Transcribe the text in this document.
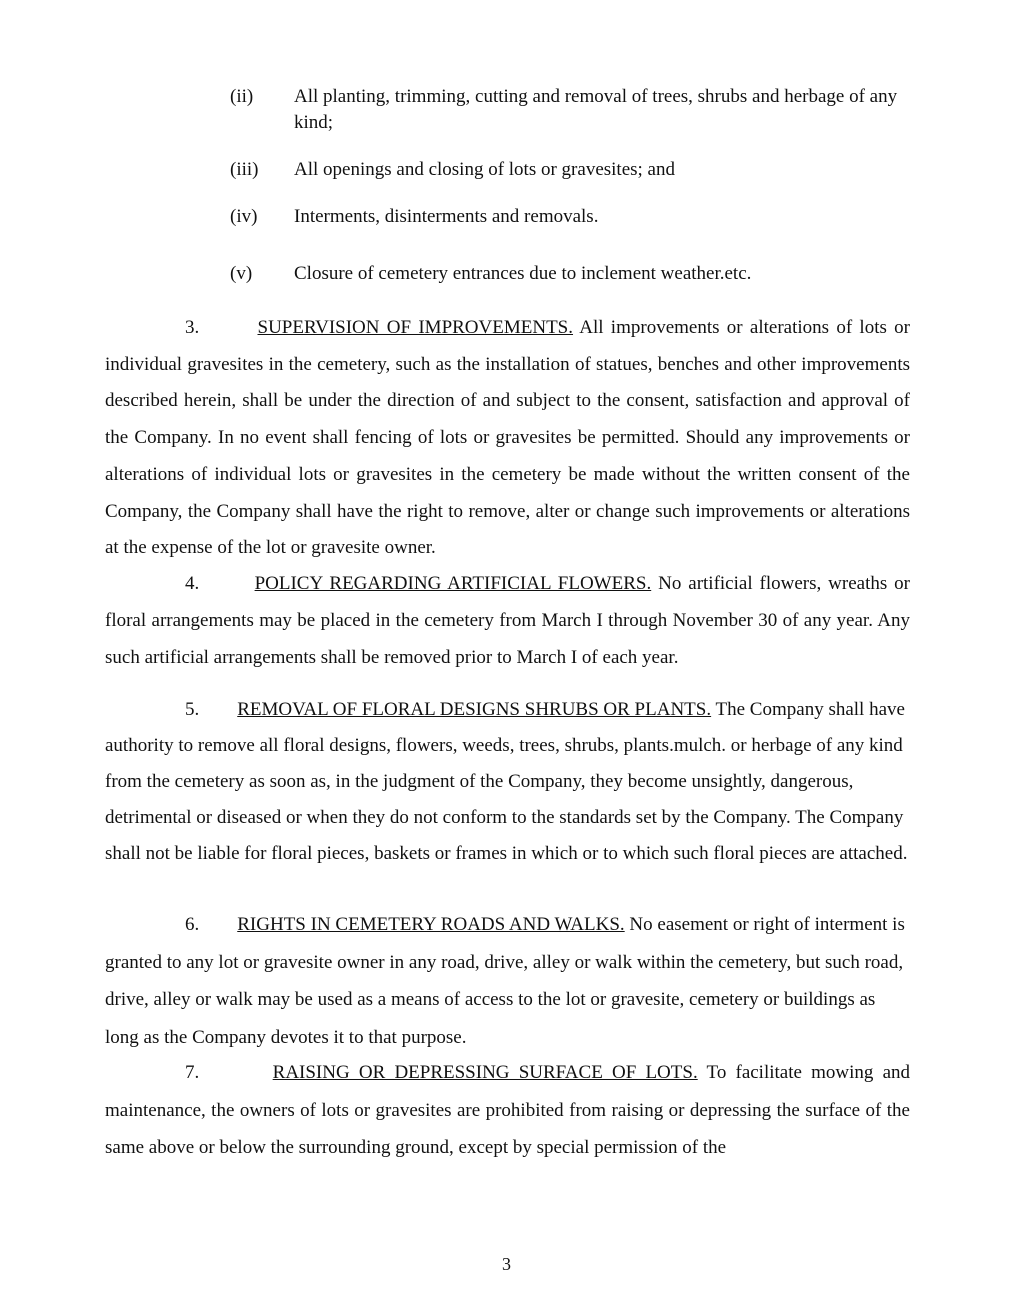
(ii) All planting, trimming, cutting and removal of trees, shrubs and herbage of any kind;
(iii) All openings and closing of lots or gravesites; and
(iv) Interments, disinterments and removals.
(v) Closure of cemetery entrances due to inclement weather.etc.

3.	SUPERVISION OF IMPROVEMENTS. All improvements or alterations of lots or individual gravesites in the cemetery, such as the installation of statues, benches and other improvements described herein, shall be under the direction of and subject to the consent, satisfaction and approval of the Company. In no event shall fencing of lots or gravesites be permitted. Should any improvements or alterations of individual lots or gravesites in the cemetery be made without the written consent of the Company, the Company shall have the right to remove, alter or change such improvements or alterations at the expense of the lot or gravesite owner.

4.	POLICY REGARDING ARTIFICIAL FLOWERS. No artificial flowers, wreaths or floral arrangements may be placed in the cemetery from March I through November 30 of any year. Any such artificial arrangements shall be removed prior to March I of each year.

5. REMOVAL OF FLORAL DESIGNS SHRUBS OR PLANTS. The Company shall have authority to remove all floral designs, flowers, weeds, trees, shrubs, plants.mulch. or herbage of any kind from the cemetery as soon as, in the judgment of the Company, they become unsightly, dangerous, detrimental or diseased or when they do not conform to the standards set by the Company. The Company shall not be liable for floral pieces, baskets or frames in which or to which such floral pieces are attached.

6. RIGHTS IN CEMETERY ROADS AND WALKS. No easement or right of interment is granted to any lot or gravesite owner in any road, drive, alley or walk within the cemetery, but such road, drive, alley or walk may be used as a means of access to the lot or gravesite, cemetery or buildings as long as the Company devotes it to that purpose.

7.	RAISING OR DEPRESSING SURFACE OF LOTS. To facilitate mowing and maintenance, the owners of lots or gravesites are prohibited from raising or depressing the surface of the same above or below the surrounding ground, except by special permission of the

3
